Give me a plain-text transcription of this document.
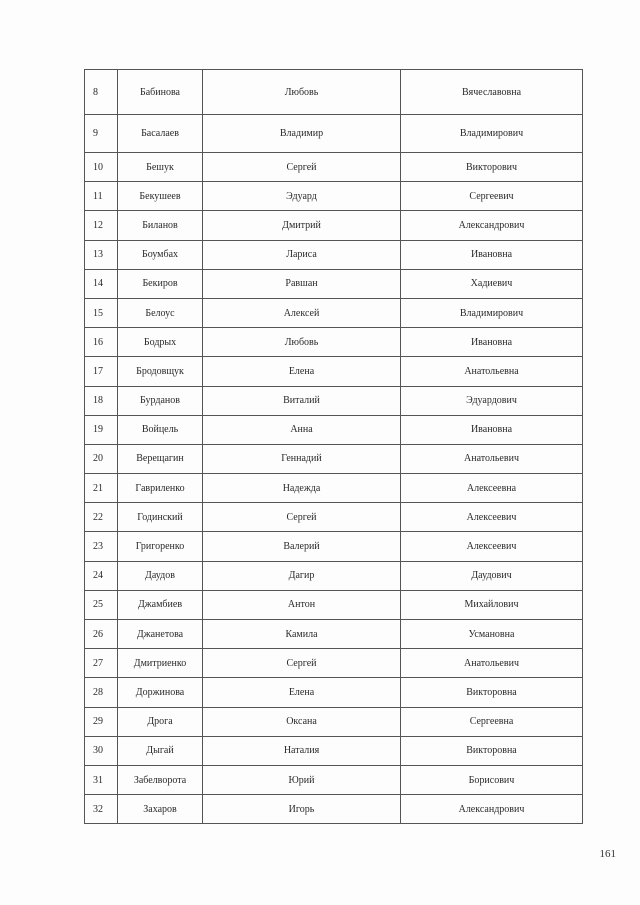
8	Бабинова	Любовь	Вячеславовна
9	Басалаев	Владимир	Владимирович
10	Бешук	Сергей	Викторович
11	Бекушеев	Эдуард	Сергеевич
12	Биланов	Дмитрий	Александрович
13	Боумбах	Лариса	Ивановна
14	Бекиров	Равшан	Хадиевич
15	Белоус	Алексей	Владимирович
16	Бодрых	Любовь	Ивановна
17	Бродовщук	Елена	Анатольевна
18	Бурданов	Виталий	Эдуардович
19	Войцель	Анна	Ивановна
20	Верещагин	Геннадий	Анатольевич
21	Гавриленко	Надежда	Алексеевна
22	Годинский	Сергей	Алексеевич
23	Григоренко	Валерий	Алексеевич
24	Даудов	Дагир	Даудович
25	Джамбиев	Антон	Михайлович
26	Джанетова	Камила	Усмановна
27	Дмитриенко	Сергей	Анатольевич
28	Доржинова	Елена	Викторовна
29	Дрога	Оксана	Сергеевна
30	Дыгай	Наталия	Викторовна
31	Забелворота	Юрий	Борисович
32	Захаров	Игорь	Александрович
161
